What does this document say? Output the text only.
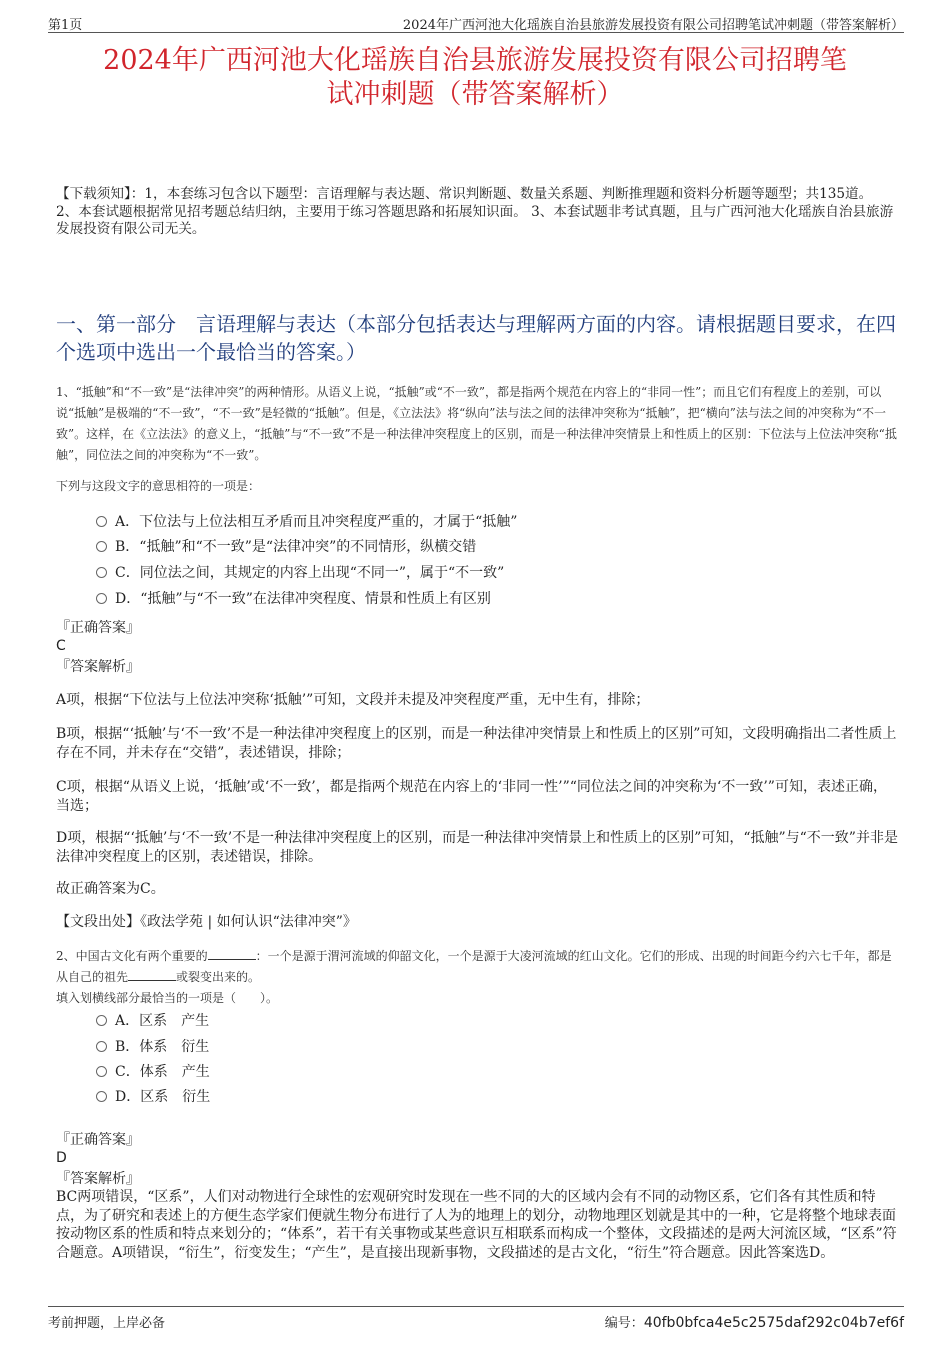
第1页	2024年广西河池大化瑶族自治县旅游发展投资有限公司招聘笔试冲刺题（带答案解析）
2024年广西河池大化瑶族自治县旅游发展投资有限公司招聘笔
试冲刺题（带答案解析）
【下载须知】：1，本套练习包含以下题型：言语理解与表达题、常识判断题、数量关系题、判断推理题和资料分析题等题型；共135道。 2、本套试题根据常见招考题总结归纳，主要用于练习答题思路和拓展知识面。 3、本套试题非考试真题，且与广西河池大化瑶族自治县旅游发展投资有限公司无关。
一、第一部分　言语理解与表达（本部分包括表达与理解两方面的内容。请根据题目要求，在四个选项中选出一个最恰当的答案。）
1、“抵触”和“不一致”是“法律冲突”的两种情形。从语义上说，“抵触”或“不一致”，都是指两个规范在内容上的“非同一性”；而且它们有程度上的差别，可以说“抵触”是极端的“不一致”，“不一致”是轻微的“抵触”。但是，《立法法》将“纵向”法与法之间的法律冲突称为“抵触”，把“横向”法与法之间的冲突称为“不一致”。这样，在《立法法》的意义上，“抵触”与“不一致”不是一种法律冲突程度上的区别，而是一种法律冲突情景上和性质上的区别：下位法与上位法冲突称“抵触”，同位法之间的冲突称为“不一致”。
下列与这段文字的意思相符的一项是：
A．下位法与上位法相互矛盾而且冲突程度严重的，才属于“抵触”
B．“抵触”和“不一致”是“法律冲突”的不同情形，纵横交错
C．同位法之间，其规定的内容上出现“不同一”，属于“不一致”
D．“抵触”与“不一致”在法律冲突程度、情景和性质上有区别
『正确答案』
C
『答案解析』
A项，根据“下位法与上位法冲突称‘抵触’”可知，文段并未提及冲突程度严重，无中生有，排除；
B项，根据“‘抵触’与‘不一致’不是一种法律冲突程度上的区别，而是一种法律冲突情景上和性质上的区别”可知，文段明确指出二者性质上存在不同，并未存在“交错”，表述错误，排除；
C项，根据“从语义上说，‘抵触’或‘不一致’，都是指两个规范在内容上的‘非同一性’”“同位法之间的冲突称为‘不一致’”可知，表述正确，当选；
D项，根据“‘抵触’与‘不一致’不是一种法律冲突程度上的区别，而是一种法律冲突情景上和性质上的区别”可知，“抵触”与“不一致”并非是法律冲突程度上的区别，表述错误，排除。
故正确答案为C。
【文段出处】《政法学苑 | 如何认识“法律冲突”》
2、中国古文化有两个重要的	：一个是源于渭河流域的仰韶文化，一个是源于大凌河流域的红山文化。它们的形成、出现的时间距今约六七千年，都是从自己的祖先	或裂变出来的。
填入划横线部分最恰当的一项是（　　）。
A．区系　产生
B．体系　衍生
C．体系　产生
D．区系　衍生
『正确答案』
D
『答案解析』
BC两项错误，“区系”，人们对动物进行全球性的宏观研究时发现在一些不同的大的区域内会有不同的动物区系，它们各有其性质和特点，为了研究和表述上的方便生态学家们便就生物分布进行了人为的地理上的划分，动物地理区划就是其中的一种，它是将整个地球表面按动物区系的性质和特点来划分的；“体系”，若干有关事物或某些意识互相联系而构成一个整体，文段描述的是两大河流区域，“区系”符合题意。A项错误，“衍生”，衍变发生；“产生”，是直接出现新事物，文段描述的是古文化，“衍生”符合题意。因此答案选D。
考前押题，上岸必备	编号：40fb0bfca4e5c2575daf292c04b7ef6f
